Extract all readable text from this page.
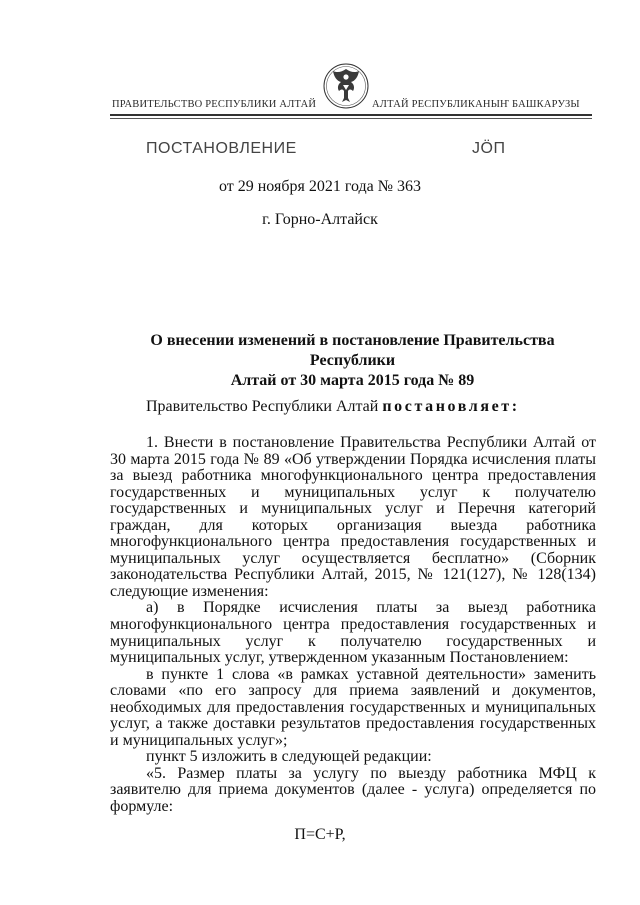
ПРАВИТЕЛЬСТВО РЕСПУБЛИКИ АЛТАЙ	АЛТАЙ РЕСПУБЛИКАНЫҤ БАШКАРУЗЫ
ПОСТАНОВЛЕНИЕ	ЈӦП
от 29 ноября 2021 года № 363
г. Горно-Алтайск
О внесении изменений в постановление Правительства Республики
Алтай от 30 марта 2015 года № 89
Правительство Республики Алтай постановляет:

1. Внести в постановление Правительства Республики Алтай от 30 марта 2015 года № 89 «Об утверждении Порядка исчисления платы за выезд работника многофункционального центра предоставления государственных и муниципальных услуг к получателю государственных и муниципальных услуг и Перечня категорий граждан, для которых организация выезда работника многофункционального центра предоставления государственных и муниципальных услуг осуществляется бесплатно» (Сборник законодательства Республики Алтай, 2015, № 121(127), № 128(134) следующие изменения:

а) в Порядке исчисления платы за выезд работника многофункционального центра предоставления государственных и муниципальных услуг к получателю государственных и муниципальных услуг, утвержденном указанным Постановлением:

в пункте 1 слова «в рамках уставной деятельности» заменить словами «по его запросу для приема заявлений и документов, необходимых для предоставления государственных и муниципальных услуг, а также доставки результатов предоставления государственных и муниципальных услуг»;

пункт 5 изложить в следующей редакции:

«5. Размер платы за услугу по выезду работника МФЦ к заявителю для приема документов (далее - услуга) определяется по формуле:

П=С+Р,
